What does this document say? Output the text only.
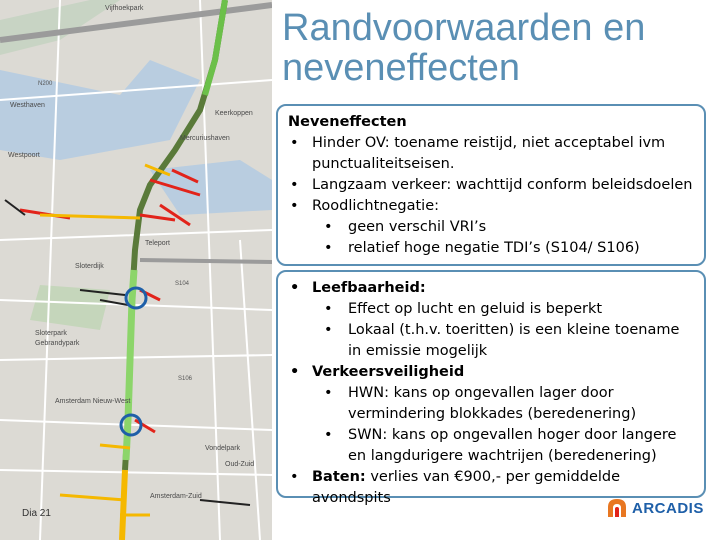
Vijfhoekpark
Westhaven
Westpoort
Sloterdijk
Teleport
Mercuriushaven
Keerkoppen
Sloterpark
Gebrandypark
Amsterdam Nieuw-West
Amsterdam-Zuid
Vondelpark
Oud-Zuid
N200
S104
S106
Randvoorwaarden en
neveneffecten
Neveneffecten
• Hinder OV: toename reistijd, niet acceptabel ivm punctualiteitseisen.
• Langzaam verkeer: wachttijd conform beleidsdoelen
• Roodlichtnegatie:
• geen verschil VRI’s
• relatief hoge negatie TDI’s (S104/ S106)
• Leefbaarheid:
• Effect op lucht en geluid is beperkt
• Lokaal (t.h.v. toeritten) is een kleine toename in emissie mogelijk
• Verkeersveiligheid
• HWN: kans op ongevallen lager door vermindering blokkades (beredenering)
• SWN: kans op ongevallen hoger door langere en langdurigere wachtrijen (beredenering)
• Baten: verlies van €900,- per gemiddelde avondspits
Dia 21	ARCADIS
